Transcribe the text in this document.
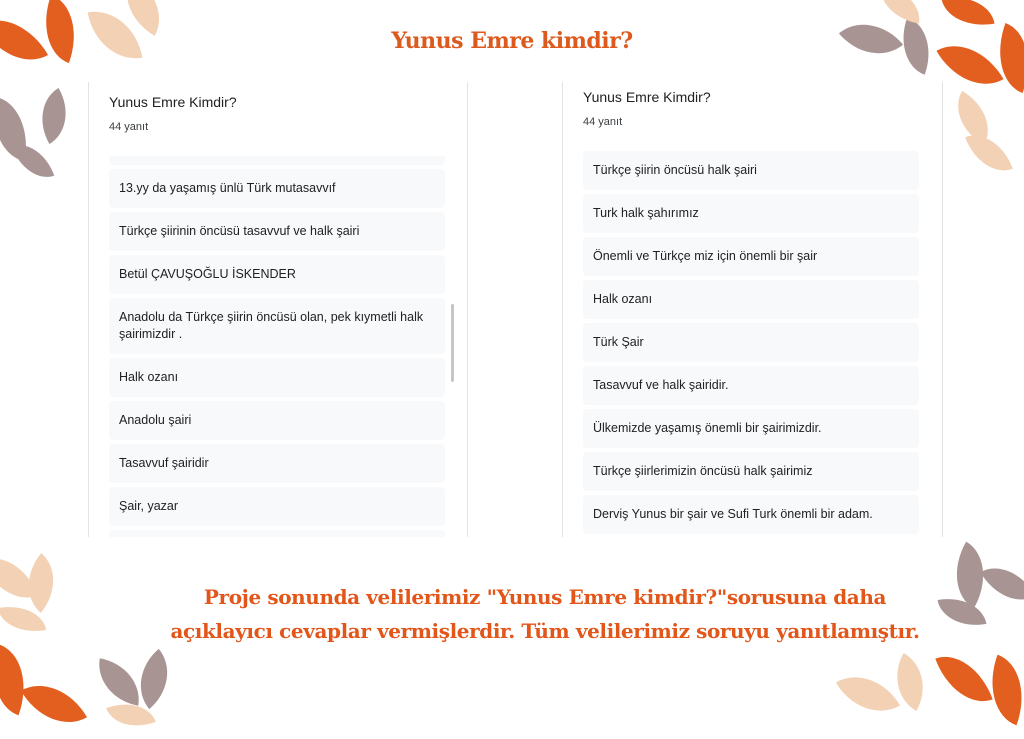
Yunus Emre kimdir?
Yunus Emre Kimdir?
44 yanıt
13.yy da yaşamış ünlü Türk mutasavvıf
Türkçe şiirinin öncüsü tasavvuf ve halk şairi
Betül ÇAVUŞOĞLU İSKENDER
Anadolu da Türkçe şiirin öncüsü olan, pek kıymetli halk şairimizdir .
Halk ozanı
Anadolu şairi
Tasavvuf şairidir
Şair, yazar
Yunus Emre Kimdir?
44 yanıt
Türkçe şiirin öncüsü halk şairi
Turk halk şahırımız
Önemli ve Türkçe miz için önemli bir şair
Halk ozanı
Türk Şair
Tasavvuf ve halk şairidir.
Ülkemizde yaşamış önemli bir şairimizdir.
Türkçe şiirlerimizin öncüsü halk şairimiz
Derviş Yunus bir şair ve Sufi Turk önemli bir adam.
Proje sonunda velilerimiz "Yunus Emre kimdir?"sorusuna daha açıklayıcı cevaplar vermişlerdir. Tüm velilerimiz soruyu yanıtlamıştır.
